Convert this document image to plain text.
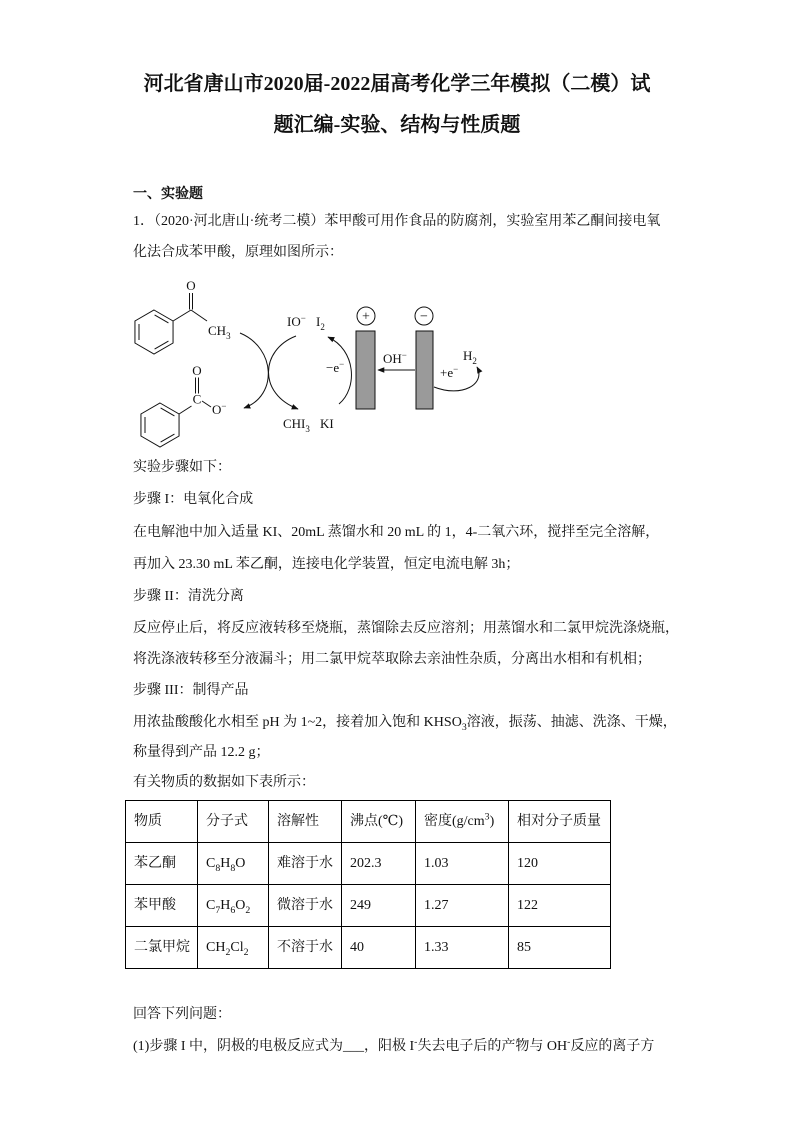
河北省唐山市2020届-2022届高考化学三年模拟（二模）试
题汇编-实验、结构与性质题
一、实验题
1．（2020·河北唐山·统考二模）苯甲酸可用作食品的防腐剂，实验室用苯乙酮间接电氧
化法合成苯甲酸，原理如图所示：
O
$CH_3$
O
C
O−
IO− $I_2$
$CHI_3$ KI
−e−
+	−
OH−
+e−
$H_2$
实验步骤如下：
步骤 I：电氧化合成
在电解池中加入适量 KI、20mL 蒸馏水和 20 mL 的 1，4-二氧六环，搅拌至完全溶解，
再加入 23.30 mL 苯乙酮，连接电化学装置，恒定电流电解 3h；
步骤 II：清洗分离
反应停止后，将反应液转移至烧瓶，蒸馏除去反应溶剂；用蒸馏水和二氯甲烷洗涤烧瓶，
将洗涤液转移至分液漏斗；用二氯甲烷萃取除去亲油性杂质，分离出水相和有机相；
步骤 III：制得产品
用浓盐酸酸化水相至 pH 为 1~2，接着加入饱和 $KHSO_3$溶液，振荡、抽滤、洗涤、干燥，
称量得到产品 12.2 g；
有关物质的数据如下表所示：
物质	分子式	溶解性	沸点(℃)	密度$(g/cm^3)$	相对分子质量
苯乙酮	$C_8H_8O$	难溶于水	202.3	1.03	120
苯甲酸	$C_7H_6O_2$	微溶于水	249	1.27	122
二氯甲烷	$CH_2Cl_2$	不溶于水	40	1.33	85
回答下列问题：
(1)步骤 I 中，阴极的电极反应式为___，阳极 I-失去电子后的产物与 OH-反应的离子方
